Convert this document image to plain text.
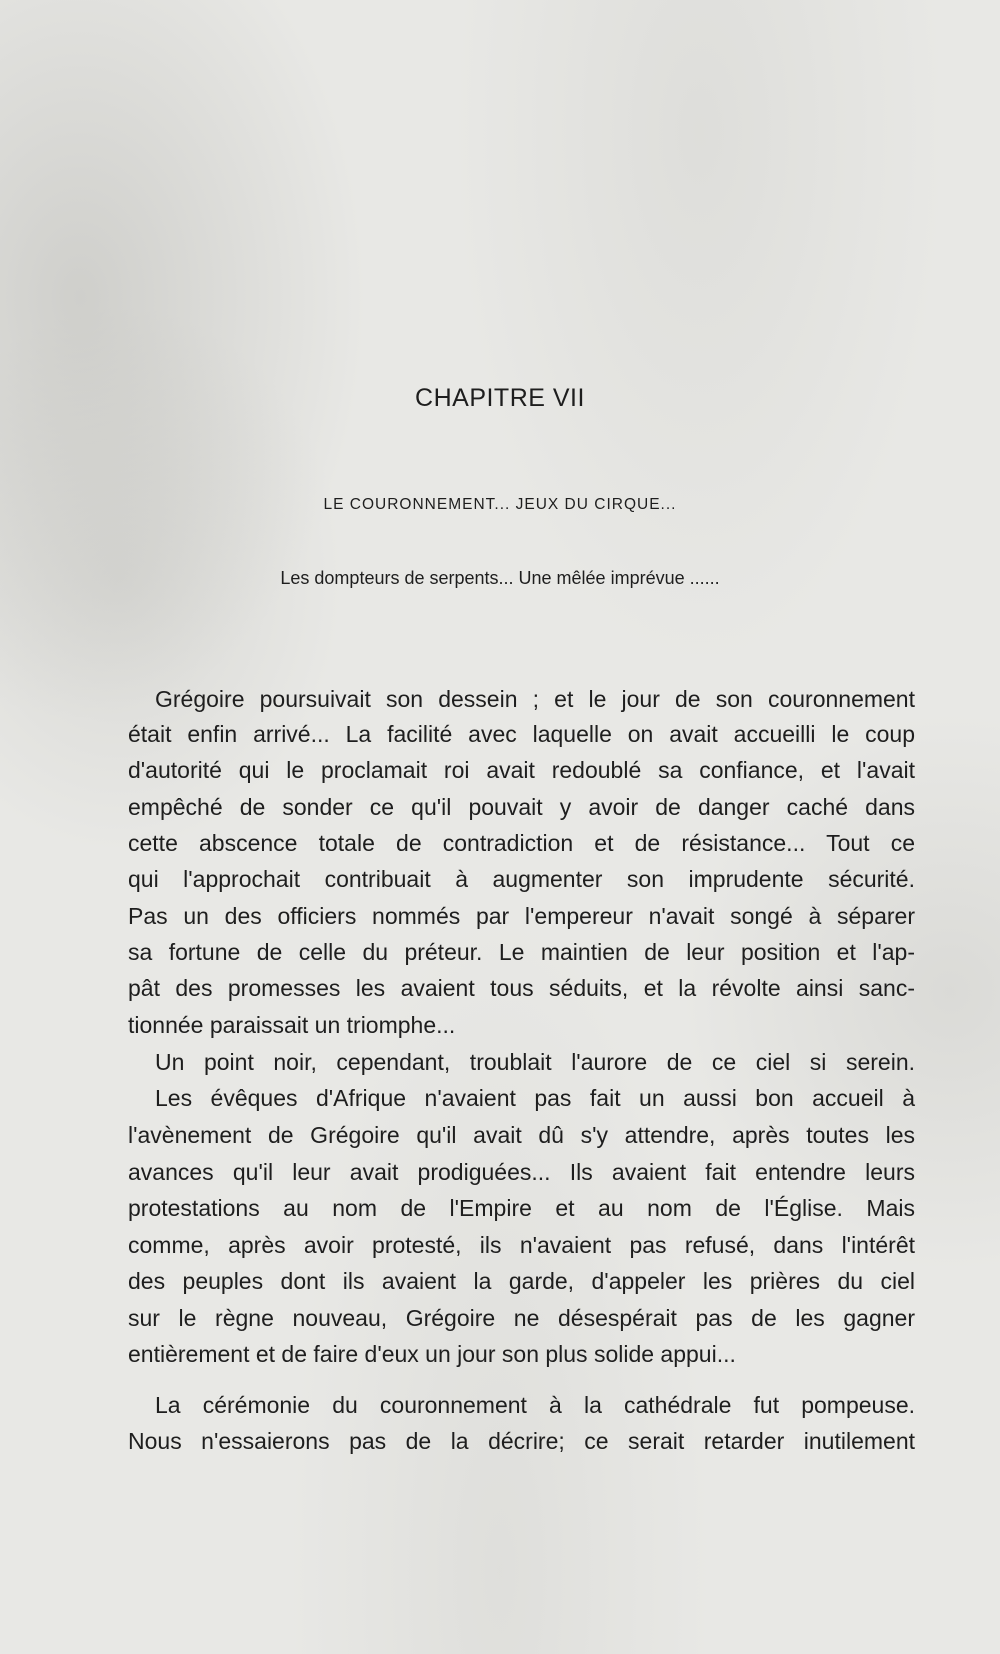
CHAPITRE VII
LE COURONNEMENT... JEUX DU CIRQUE...
Les dompteurs de serpents... Une mêlée imprévue ......
Grégoire poursuivait son dessein ; et le jour de son couronnement
était enfin arrivé... La facilité avec laquelle on avait accueilli le coup
d'autorité qui le proclamait roi avait redoublé sa confiance, et l'avait
empêché de sonder ce qu'il pouvait y avoir de danger caché dans
cette abscence totale de contradiction et de résistance... Tout ce
qui l'approchait contribuait à augmenter son imprudente sécurité.
Pas un des officiers nommés par l'empereur n'avait songé à séparer
sa fortune de celle du préteur. Le maintien de leur position et l'ap-
pât des promesses les avaient tous séduits, et la révolte ainsi sanc-
tionnée paraissait un triomphe...
Un point noir, cependant, troublait l'aurore de ce ciel si serein.
Les évêques d'Afrique n'avaient pas fait un aussi bon accueil à
l'avènement de Grégoire qu'il avait dû s'y attendre, après toutes les
avances qu'il leur avait prodiguées... Ils avaient fait entendre leurs
protestations au nom de l'Empire et au nom de l'Église. Mais
comme, après avoir protesté, ils n'avaient pas refusé, dans l'intérêt
des peuples dont ils avaient la garde, d'appeler les prières du ciel
sur le règne nouveau, Grégoire ne désespérait pas de les gagner
entièrement et de faire d'eux un jour son plus solide appui...
La cérémonie du couronnement à la cathédrale fut pompeuse.
Nous n'essaierons pas de la décrire; ce serait retarder inutilement
